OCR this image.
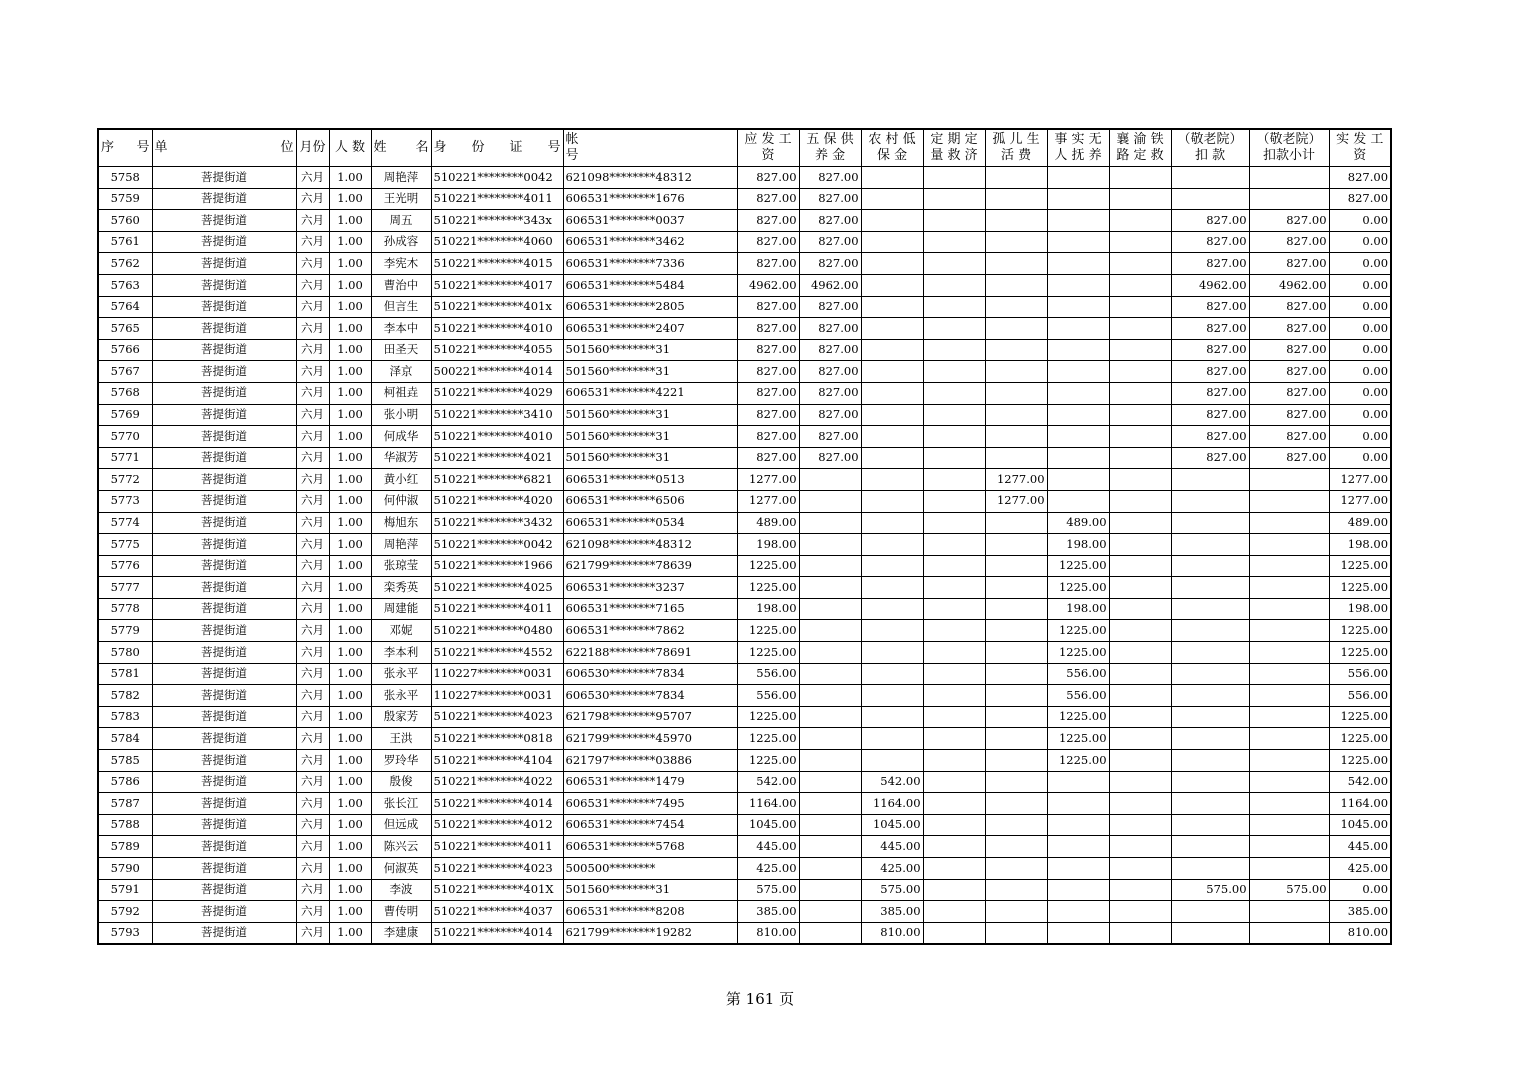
序　号	单　　　　　　　位	月份	人 数	姓　 名	身　 份　 证　 号	帐　　　　　　　　　　　　号	应 发 工 资	五 保 供 养 金	农 村 低 保 金	定 期 定 量 救 济	孤 儿 生 活 费	事 实 无 人 抚 养	襄 渝 铁 路 定 救	（敬老院）扣 款	（敬老院）扣款小计	实 发 工 资
5758	菩提街道	六月	1.00	周艳萍	510221********0042	621098********48312	827.00	827.00								827.00
5759	菩提街道	六月	1.00	王光明	510221********4011	606531********1676	827.00	827.00								827.00
5760	菩提街道	六月	1.00	周五	510221********343x	606531********0037	827.00	827.00						827.00	827.00	0.00
5761	菩提街道	六月	1.00	孙成容	510221********4060	606531********3462	827.00	827.00						827.00	827.00	0.00
5762	菩提街道	六月	1.00	李宪木	510221********4015	606531********7336	827.00	827.00						827.00	827.00	0.00
5763	菩提街道	六月	1.00	曹治中	510221********4017	606531********5484	4962.00	4962.00						4962.00	4962.00	0.00
5764	菩提街道	六月	1.00	但言生	510221********401x	606531********2805	827.00	827.00						827.00	827.00	0.00
5765	菩提街道	六月	1.00	李本中	510221********4010	606531********2407	827.00	827.00						827.00	827.00	0.00
5766	菩提街道	六月	1.00	田圣天	510221********4055	501560********31	827.00	827.00						827.00	827.00	0.00
5767	菩提街道	六月	1.00	泽京	500221********4014	501560********31	827.00	827.00						827.00	827.00	0.00
5768	菩提街道	六月	1.00	柯祖垚	510221********4029	606531********4221	827.00	827.00						827.00	827.00	0.00
5769	菩提街道	六月	1.00	张小明	510221********3410	501560********31	827.00	827.00						827.00	827.00	0.00
5770	菩提街道	六月	1.00	何成华	510221********4010	501560********31	827.00	827.00						827.00	827.00	0.00
5771	菩提街道	六月	1.00	华淑芳	510221********4021	501560********31	827.00	827.00						827.00	827.00	0.00
5772	菩提街道	六月	1.00	黄小红	510221********6821	606531********0513	1277.00				1277.00					1277.00
5773	菩提街道	六月	1.00	何仲淑	510221********4020	606531********6506	1277.00				1277.00					1277.00
5774	菩提街道	六月	1.00	梅旭东	510221********3432	606531********0534	489.00					489.00				489.00
5775	菩提街道	六月	1.00	周艳萍	510221********0042	621098********48312	198.00					198.00				198.00
5776	菩提街道	六月	1.00	张琼莹	510221********1966	621799********78639	1225.00					1225.00				1225.00
5777	菩提街道	六月	1.00	栾秀英	510221********4025	606531********3237	1225.00					1225.00				1225.00
5778	菩提街道	六月	1.00	周建能	510221********4011	606531********7165	198.00					198.00				198.00
5779	菩提街道	六月	1.00	邓妮	510221********0480	606531********7862	1225.00					1225.00				1225.00
5780	菩提街道	六月	1.00	李本利	510221********4552	622188********78691	1225.00					1225.00				1225.00
5781	菩提街道	六月	1.00	张永平	110227********0031	606530********7834	556.00					556.00				556.00
5782	菩提街道	六月	1.00	张永平	110227********0031	606530********7834	556.00					556.00				556.00
5783	菩提街道	六月	1.00	殷家芳	510221********4023	621798********95707	1225.00					1225.00				1225.00
5784	菩提街道	六月	1.00	王洪	510221********0818	621799********45970	1225.00					1225.00				1225.00
5785	菩提街道	六月	1.00	罗玲华	510221********4104	621797********03886	1225.00					1225.00				1225.00
5786	菩提街道	六月	1.00	殷俊	510221********4022	606531********1479	542.00		542.00							542.00
5787	菩提街道	六月	1.00	张长江	510221********4014	606531********7495	1164.00		1164.00							1164.00
5788	菩提街道	六月	1.00	但远成	510221********4012	606531********7454	1045.00		1045.00							1045.00
5789	菩提街道	六月	1.00	陈兴云	510221********4011	606531********5768	445.00		445.00							445.00
5790	菩提街道	六月	1.00	何淑英	510221********4023	500500********	425.00		425.00							425.00
5791	菩提街道	六月	1.00	李波	510221********401X	501560********31	575.00		575.00					575.00	575.00	0.00
5792	菩提街道	六月	1.00	曹传明	510221********4037	606531********8208	385.00		385.00							385.00
5793	菩提街道	六月	1.00	李建康	510221********4014	621799********19282	810.00		810.00							810.00
第 161 页
